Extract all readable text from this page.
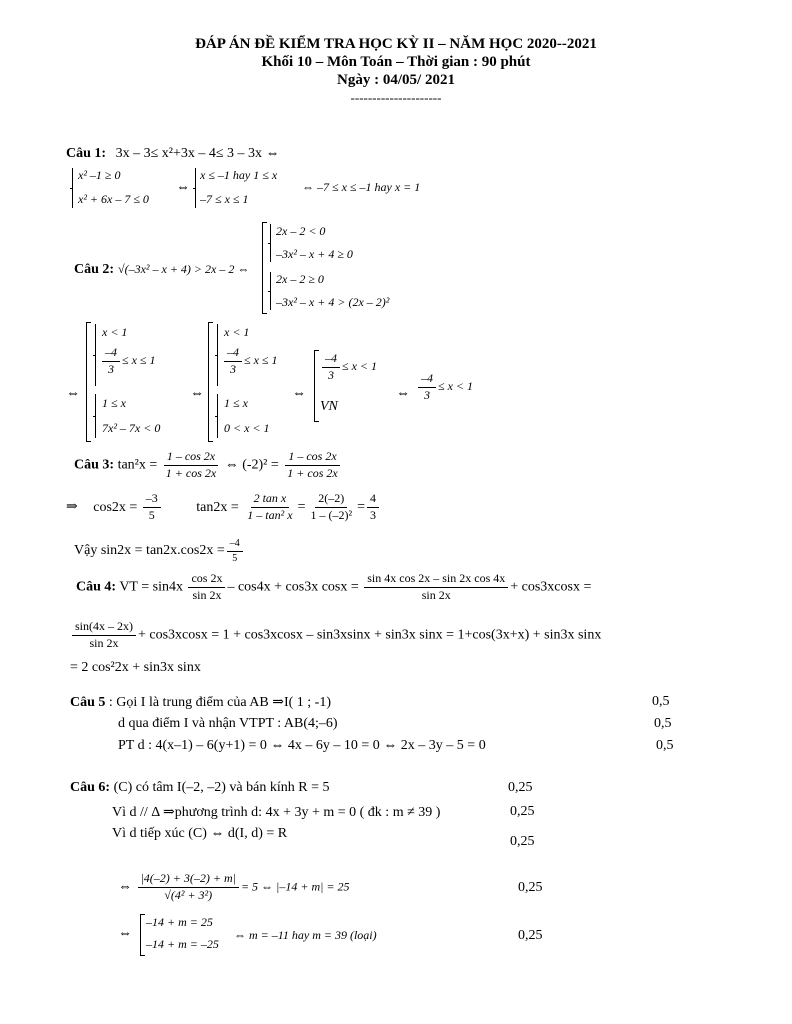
ĐÁP ÁN ĐỀ KIỂM TRA HỌC KỲ II – NĂM HỌC 2020--2021
Khối 10 – Môn Toán – Thời gian : 90 phút
Ngày : 04/05/ 2021
---------------------
Câu 1: 3x – 3≤ x²+3x – 4≤ 3 – 3x ⇔
x² –1 ≥ 0
x² + 6x – 7 ≤ 0
⇔
x ≤ –1 hay 1 ≤ x
–7 ≤ x ≤ 1
⇔ –7 ≤ x ≤ –1 hay x = 1
Câu 2: √(–3x² – x + 4) > 2x – 2 ⇔
2x – 2 < 0
–3x² – x + 4 ≥ 0
2x – 2 ≥ 0
–3x² – x + 4 > (2x – 2)²
⇔
x < 1
$\frac{-4}{3} \le x \le 1$
1 ≤ x
7x² – 7x < 0
⇔
x < 1
$\frac{-4}{3} \le x \le 1$
1 ≤ x
0 < x < 1
⇔
$\frac{-4}{3} \le x < 1$
VN
⇔ $\frac{-4}{3} \le x < 1$
Câu 3: $\tan^2x = \frac{1 - \cos 2x}{1 + \cos 2x}$ ⇔ $(-2)^2 = \frac{1 - \cos 2x}{1 + \cos 2x}$
⇒ $\cos 2x = \frac{-3}{5}$	$\tan 2x = \frac{\text{2 tan x}}{\text{1 – tan² x}} = \frac{2(-2)}{\text{1 – (–2)²}} = \frac{4}{3}$
Vậy $\sin 2x = \tan 2x.\cos 2x = \frac{-4}{5}$
Câu 4: VT = $\sin 4x \frac{\cos 2x}{\sin 2x} - \cos 4x + \cos 3x$ $\cos x = \frac{\text{sin 4x cos 2x – sin 2x cos 4x}}{\sin 2x} + \cos 3xcosx$ =
$\frac{\sin(4x - 2x)}{\sin 2x} + \cos 3xcosx = 1 + \cos 3xcosx - \sin 3xsinx + \sin 3x$ sinx = 1+cos(3x+x) + sin3x sinx
= 2 cos²2x + sin3x sinx
Câu 5 : Gọi I là trung điểm của AB ⇒I( 1 ; -1)	0,5
d qua điểm I và nhận VTPT : AB(4;–6)	0,5
PT d : 4(x–1) – 6(y+1) = 0 ⇔ 4x – 6y – 10 = 0 ⇔ 2x – 3y – 5 = 0	0,5
Câu 6: (C) có tâm I(–2, –2) và bán kính R = 5	0,25
Vì d // Δ ⇒phương trình d: 4x + 3y + m = 0 ( đk : m ≠ 39 )	0,25
Vì d tiếp xúc (C) ⇔ d(I, d) = R
0,25
⇔ $\frac{|4(-2) + 3(-2) + m|}{\text{√(4² + 3²)}} = 5$ ⇔ |–14 + m| = 25	0,25
⇔
–14 + m = 25
–14 + m = –25
⇔ m = –11 hay m = 39 (loại)	0,25
